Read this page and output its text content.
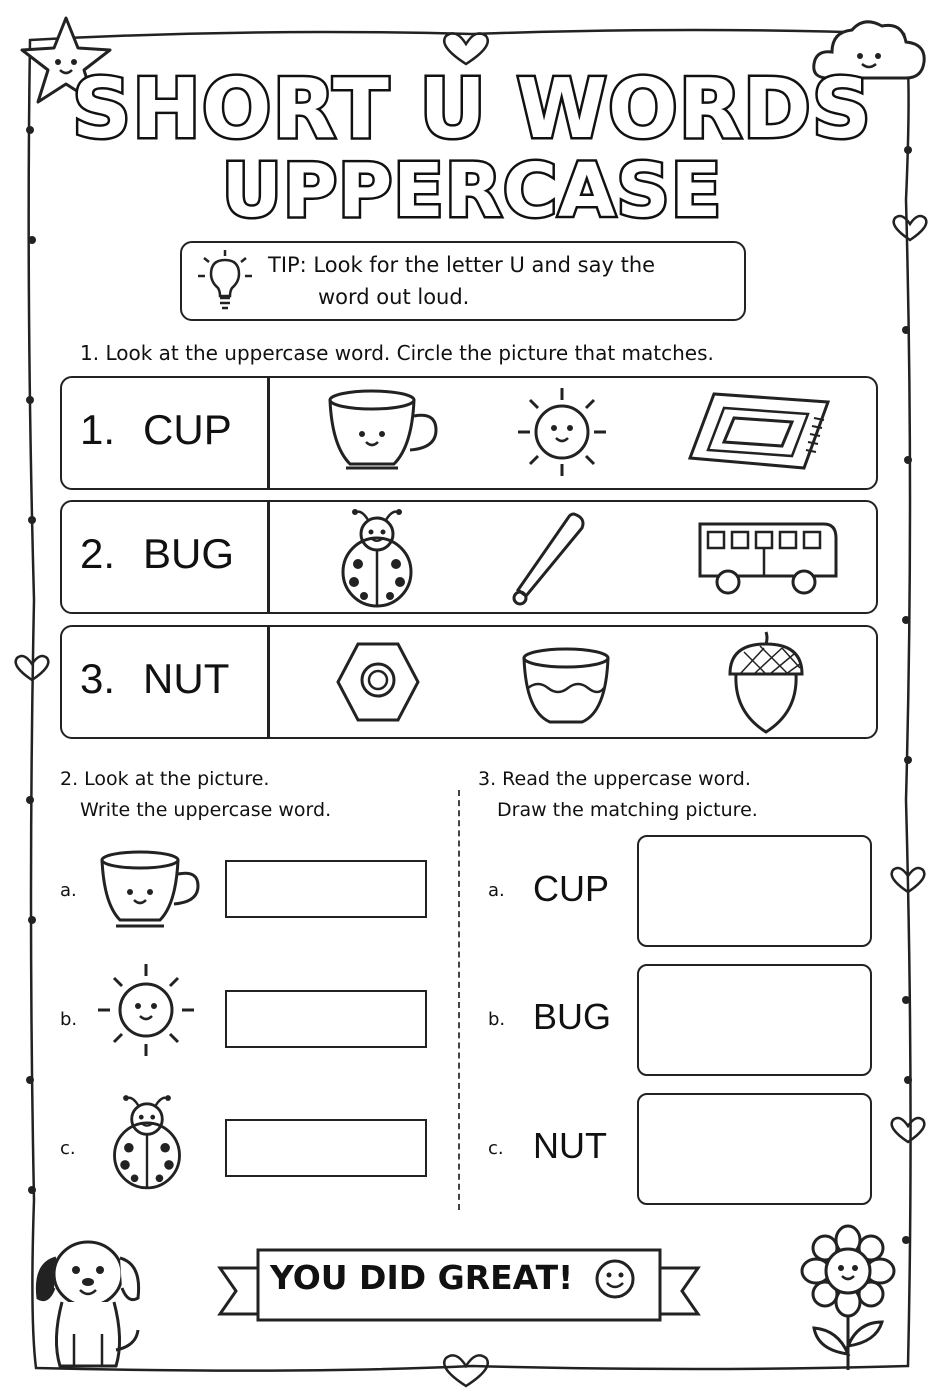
SHORT U WORDS
UPPERCASE
TIP: Look for the letter U and say the
word out loud.
1. Look at the uppercase word. Circle the picture that matches.
1. CUP
2. BUG
3. NUT
2. Look at the picture.
Write the uppercase word.
a.
b.
c.
3. Read the uppercase word.
Draw the matching picture.
a. CUP
b. BUG
c. NUT
YOU DID GREAT!
